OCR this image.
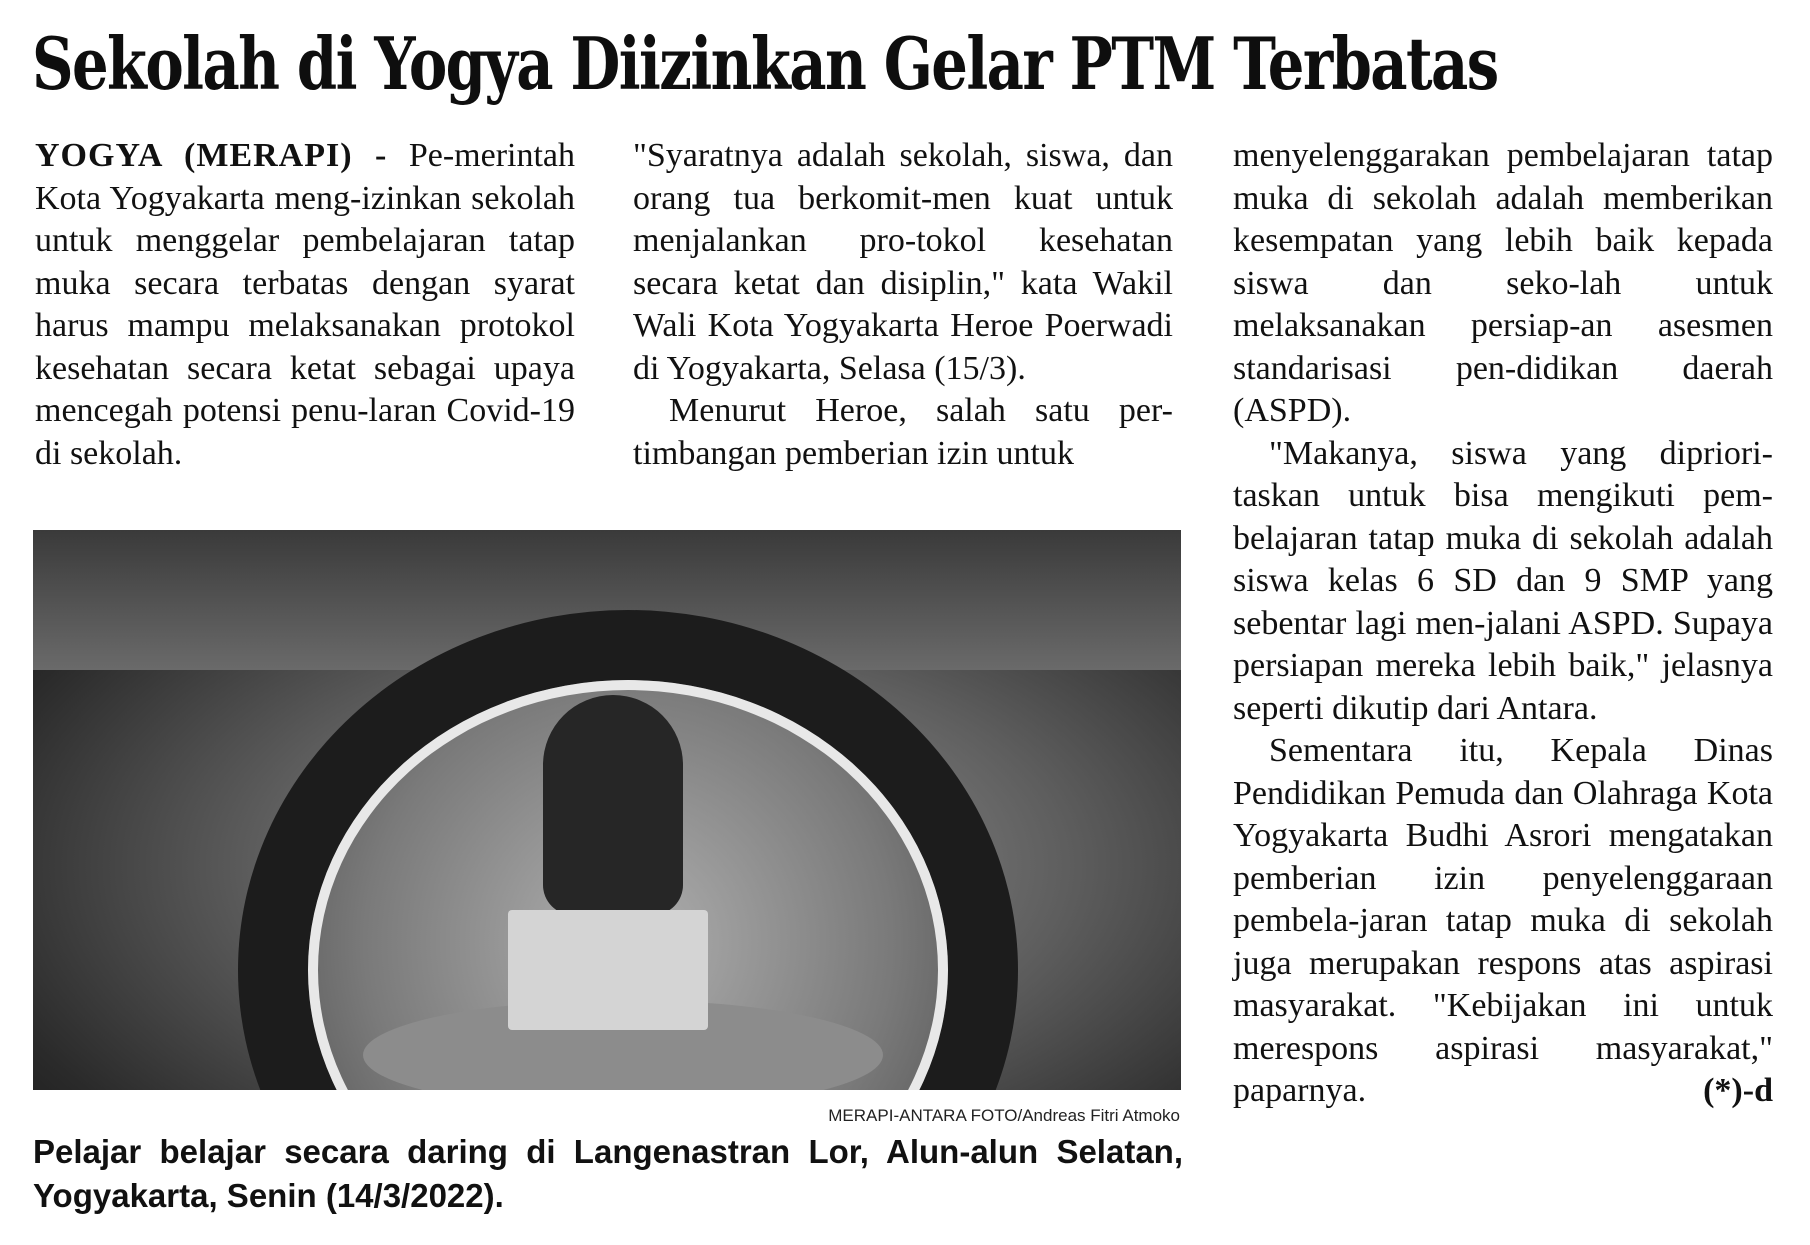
Sekolah di Yogya Diizinkan Gelar PTM Terbatas

YOGYA (MERAPI) - Pe-merintah Kota Yogyakarta meng-izinkan sekolah untuk menggelar pembelajaran tatap muka secara terbatas dengan syarat harus mampu melaksanakan protokol kesehatan secara ketat sebagai upaya mencegah potensi penu-laran Covid-19 di sekolah.

"Syaratnya adalah sekolah, siswa, dan orang tua berkomit-men kuat untuk menjalankan pro-tokol kesehatan secara ketat dan disiplin," kata Wakil Wali Kota Yogyakarta Heroe Poerwadi di Yogyakarta, Selasa (15/3).

Menurut Heroe, salah satu per-timbangan pemberian izin untuk

menyelenggarakan pembelajaran tatap muka di sekolah adalah memberikan kesempatan yang lebih baik kepada siswa dan seko-lah untuk melaksanakan persiap-an asesmen standarisasi pen-didikan daerah (ASPD).

"Makanya, siswa yang dipriori-taskan untuk bisa mengikuti pem-belajaran tatap muka di sekolah adalah siswa kelas 6 SD dan 9 SMP yang sebentar lagi men-jalani ASPD. Supaya persiapan mereka lebih baik," jelasnya seperti dikutip dari Antara.

Sementara itu, Kepala Dinas Pendidikan Pemuda dan Olahraga Kota Yogyakarta Budhi Asrori mengatakan pemberian izin penyelenggaraan pembela-jaran tatap muka di sekolah juga merupakan respons atas aspirasi masyarakat. "Kebijakan ini untuk merespons aspirasi masyarakat," paparnya.	(*)-d
MERAPI-ANTARA FOTO/Andreas Fitri Atmoko
Pelajar belajar secara daring di Langenastran Lor, Alun-alun Selatan, Yogyakarta, Senin (14/3/2022).
